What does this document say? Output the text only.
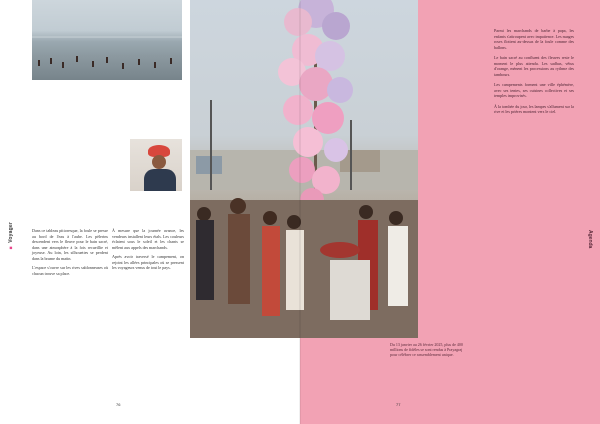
■ Voyager	Dans ce tableau pittoresque, la foule se presse au bord de l'eau à l'aube. Les pèlerins descendent vers le fleuve pour le bain sacré, dans une atmosphère à la fois recueillie et joyeuse. Au loin, les silhouettes se perdent dans la brume du matin.

L'espace s'ouvre sur les rives sablonneuses où chacun trouve sa place.

À mesure que la journée avance, les vendeurs installent leurs étals. Les couleurs éclatent sous le soleil et les chants se mêlent aux appels des marchands.

Après avoir traversé le campement, on rejoint les allées principales où se pressent les voyageurs venus de tout le pays.

76
Du 13 janvier au 26 février 2025, plus de 400 millions de fidèles se sont rendus à Prayagraj pour célébrer ce rassemblement unique.

Parmi les marchands de barbe à papa, les enfants s'attroupent avec impatience. Les nuages roses flottent au-dessus de la foule comme des ballons.

Le bain sacré au confluent des fleuves reste le moment le plus attendu. Les sadhus, vêtus d'orange, mènent les processions au rythme des tambours.

Les campements forment une ville éphémère, avec ses tentes, ses cuisines collectives et ses temples improvisés.

À la tombée du jour, les lampes s'allument sur la rive et les prières montent vers le ciel.

Agenda
77
